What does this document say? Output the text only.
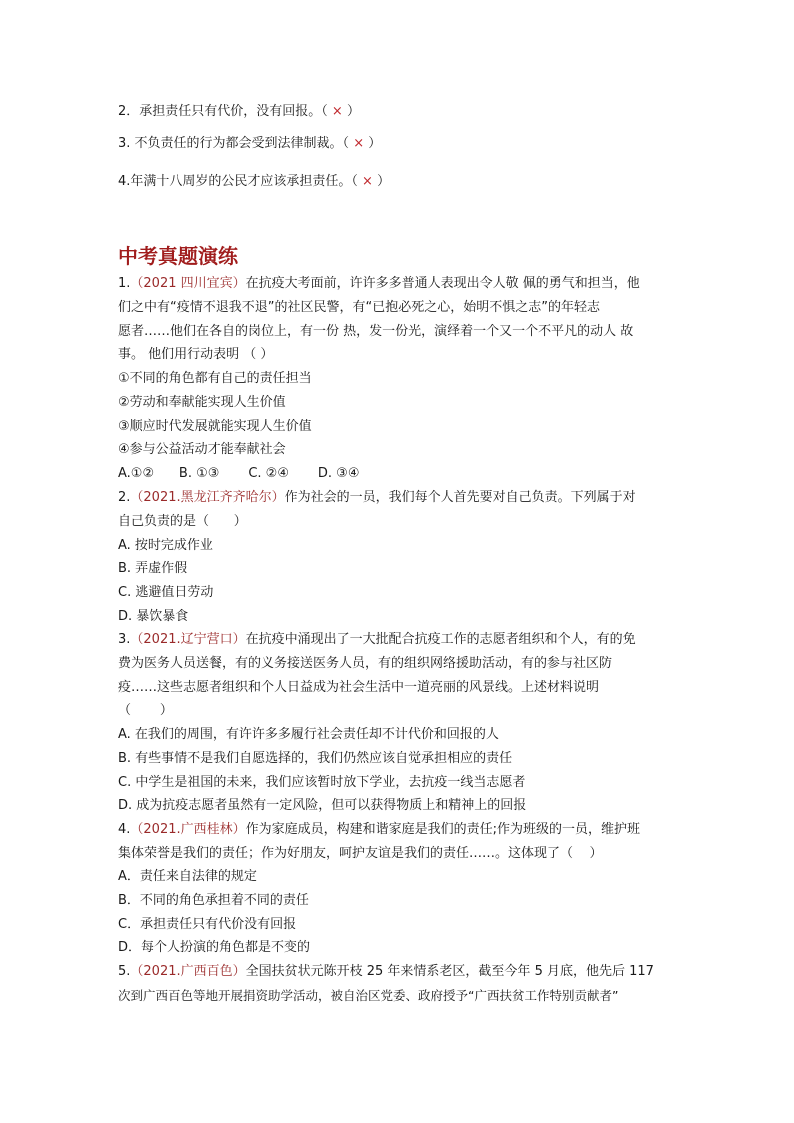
2．承担责任只有代价，没有回报。（ × ）
3. 不负责任的行为都会受到法律制裁。（ × ）
4.年满十八周岁的公民才应该承担责任。（ × ）
中考真题演练
1.（2021 四川宜宾）在抗疫大考面前，许许多多普通人表现出令人敬 佩的勇气和担当，他
们之中有“疫情不退我不退”的社区民警，有“已抱必死之心，始明不惧之志”的年轻志
愿者……他们在各自的岗位上，有一份 热，发一份光，演绎着一个又一个不平凡的动人 故
事。 他们用行动表明 （ ）
①不同的角色都有自己的责任担当
②劳动和奉献能实现人生价值
③顺应时代发展就能实现人生价值
④参与公益活动才能奉献社会
A.①②      B. ①③       C. ②④       D. ③④
2.（2021.黑龙江齐齐哈尔）作为社会的一员，我们每个人首先要对自己负责。下列属于对
自己负责的是（      ）
A. 按时完成作业
B. 弄虚作假
C. 逃避值日劳动
D. 暴饮暴食
3.（2021.辽宁营口）在抗疫中涌现出了一大批配合抗疫工作的志愿者组织和个人，有的免
费为医务人员送餐，有的义务接送医务人员，有的组织网络援助活动，有的参与社区防
疫……这些志愿者组织和个人日益成为社会生活中一道亮丽的风景线。上述材料说明
（       ）
A. 在我们的周围，有许许多多履行社会责任却不计代价和回报的人
B. 有些事情不是我们自愿选择的，我们仍然应该自觉承担相应的责任
C. 中学生是祖国的未来，我们应该暂时放下学业，去抗疫一线当志愿者
D. 成为抗疫志愿者虽然有一定风险，但可以获得物质上和精神上的回报
4.（2021.广西桂林）作为家庭成员，构建和谐家庭是我们的责任;作为班级的一员，维护班
集体荣誉是我们的责任；作为好朋友，呵护友谊是我们的责任……。这体现了（    ）
A．责任来自法律的规定
B．不同的角色承担着不同的责任
C．承担责任只有代价没有回报
D．每个人扮演的角色都是不变的
5.（2021.广西百色）全国扶贫状元陈开枝 25 年来情系老区，截至今年 5 月底，他先后 117
次到广西百色等地开展捐资助学活动，被自治区党委、政府授予“广西扶贫工作特别贡献者”
